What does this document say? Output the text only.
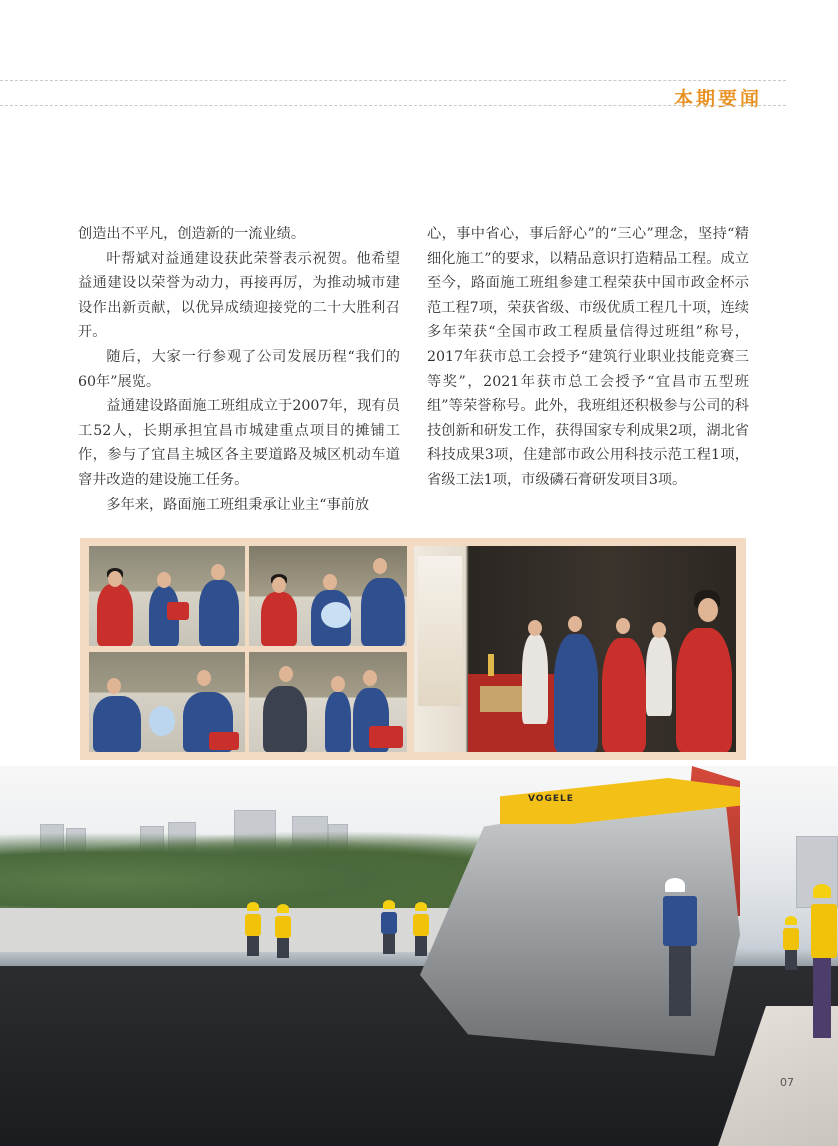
本期要闻

创造出不平凡，创造新的一流业绩。

叶帮斌对益通建设获此荣誉表示祝贺。他希望益通建设以荣誉为动力，再接再厉，为推动城市建设作出新贡献，以优异成绩迎接党的二十大胜利召开。

随后，大家一行参观了公司发展历程“我们的60年”展览。

益通建设路面施工班组成立于2007年，现有员工52人，长期承担宜昌市城建重点项目的摊铺工作，参与了宜昌主城区各主要道路及城区机动车道窨井改造的建设施工任务。

多年来，路面施工班组秉承让业主“事前放

心，事中省心，事后舒心”的“三心”理念，坚持“精细化施工”的要求，以精品意识打造精品工程。成立至今，路面施工班组参建工程荣获中国市政金杯示范工程7项，荣获省级、市级优质工程几十项，连续多年荣获“全国市政工程质量信得过班组”称号，2017年获市总工会授予“建筑行业职业技能竞赛三等奖”，2021年获市总工会授予“宜昌市五型班组”等荣誉称号。此外，我班组还积极参与公司的科技创新和研发工作，获得国家专利成果2项，湖北省科技成果3项，住建部市政公用科技示范工程1项，省级工法1项，市级磷石膏研发项目3项。

VOGELE
07
